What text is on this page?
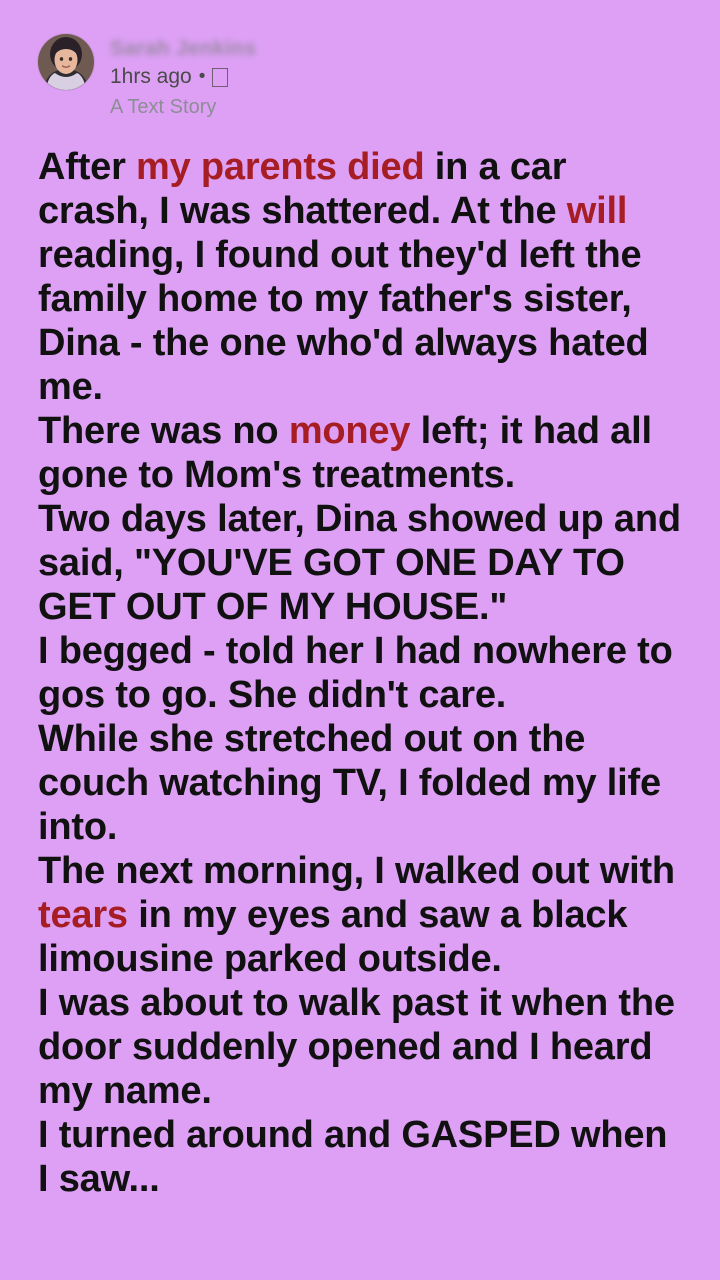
Sarah Jenkins
1hrs ago •
A Text Story

After my parents died in a car crash, I was shattered. At the will reading, I found out they'd left the family home to my father's sister, Dina - the one who'd always hated me.

There was no money left; it had all gone to Mom's treatments.

Two days later, Dina showed up and said, "YOU'VE GOT ONE DAY TO GET OUT OF MY HOUSE."

I begged - told her I had nowhere to gos to go. She didn't care.

While she stretched out on the couch watching TV, I folded my life into.

The next morning, I walked out with tears in my eyes and saw a black limousine parked outside.

I was about to walk past it when the door suddenly opened and I heard my name.

I turned around and GASPED when I saw...
